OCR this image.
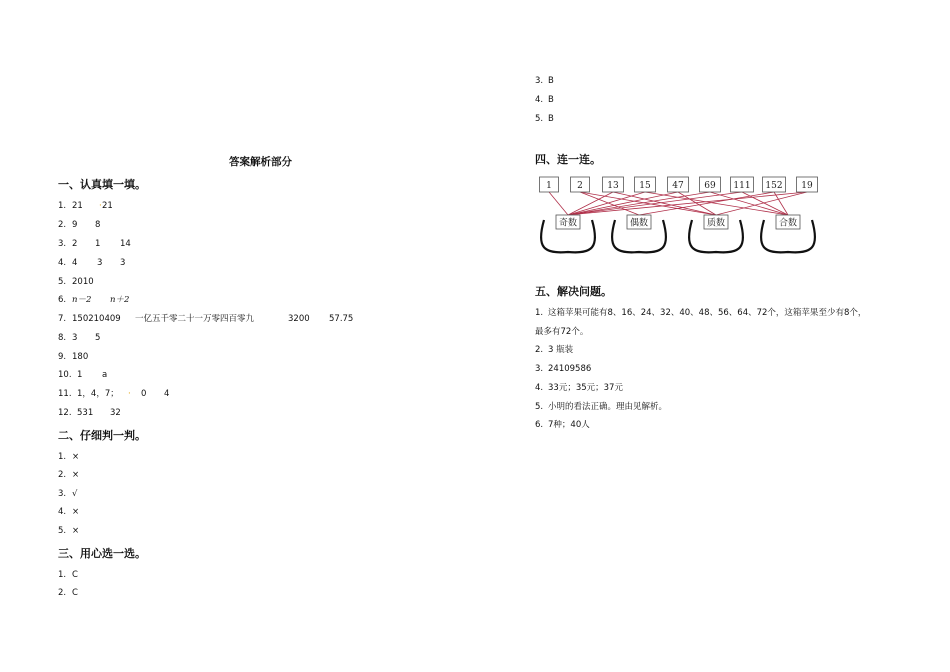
答案解析部分
一、认真填一填。
1. 21 · 21
2. 9 8
3. 2 1 14
4. 4 3 3
5. 2010
6. n－2 n＋2
7. 150210409 一亿五千零二十一万零四百零九	3200 57.75
8. 3 5
9. 180
10. 1 a
11. 1，4，7； · 0 4
12. 531 32
二、仔细判一判。
1. ×
2. ×
3. √
4. ×
5. ×
三、用心选一选。
1. C
2. C
3. B
4. B
5. B
四、连一连。
1	2	13 15 47 69 111 152 19
奇数	偶数	质数	合数
五、解决问题。
1. 这箱苹果可能有8、16、24、32、40、48、56、64、72个，这箱苹果至少有8个，
最多有72个。
2. 3 瓶装
3. 24109586
4. 33元；35元；37元
5. 小明的看法正确。理由见解析。
6. 7种；40人
